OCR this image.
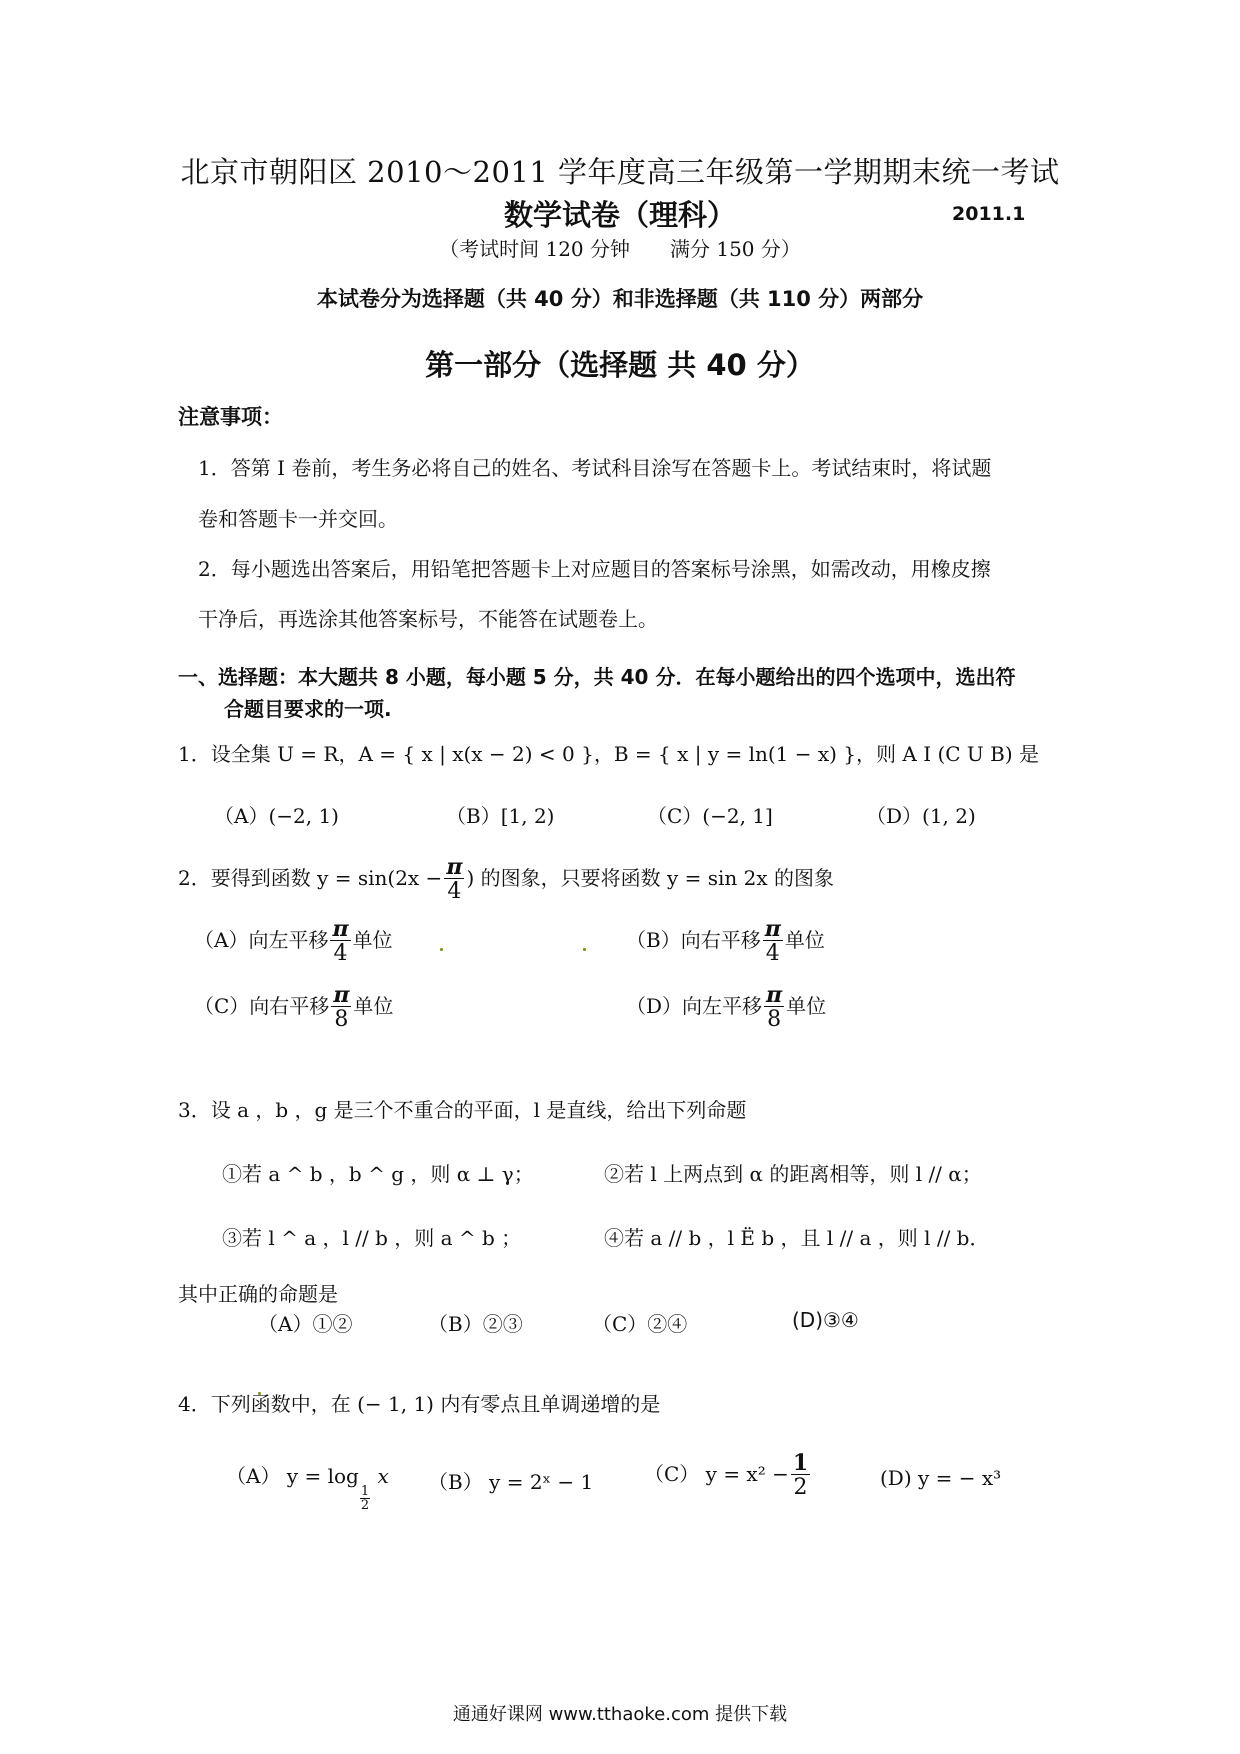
北京市朝阳区 2010～2011 学年度高三年级第一学期期末统一考试
数学试卷（理科）	2011.1
（考试时间 120 分钟　　满分 150 分）
本试卷分为选择题（共 40 分）和非选择题（共 110 分）两部分
第一部分（选择题 共 40 分）
注意事项：
1．答第 I 卷前，考生务必将自己的姓名、考试科目涂写在答题卡上。考试结束时，将试题
卷和答题卡一并交回。
2．每小题选出答案后，用铅笔把答题卡上对应题目的答案标号涂黑，如需改动，用橡皮擦
干净后，再选涂其他答案标号，不能答在试题卷上。
一、选择题：本大题共 8 小题，每小题 5 分，共 40 分．在每小题给出的四个选项中，选出符
合题目要求的一项.
1．设全集 U = R，A = { x | x(x − 2) < 0 }，B = { x | y = ln(1 − x) }，则 A I (C U B) 是
（A）(−2, 1)	（B）[1, 2)	（C）(−2, 1]	（D）(1, 2)
2．要得到函数 $y = \sin(2x - \frac{\pi}{4}$ ) 的图象，只要将函数 y = sin 2x 的图象
（A）向左平移 $\frac{\pi}{4}$ 单位	（B）向右平移 $\frac{\pi}{4}$ 单位
（C）向右平移 $\frac{\pi}{8}$ 单位	（D）向左平移 $\frac{\pi}{8}$ 单位
3．设 a ，b ，g 是三个不重合的平面，l 是直线，给出下列命题
①若 a ^ b ，b ^ g ，则 α ⊥ γ；	②若 l 上两点到 α 的距离相等，则 l // α；
③若 l ^ a ，l // b ，则 a ^ b ；	④若 a // b ，l Ë b ，且 l // a ，则 l // b．
其中正确的命题是
（A）①②	（B）②③	（C）②④	(D)③④
4．下列函数中，在 (− 1, 1) 内有零点且单调递增的是
（A） y = log
$\frac{1}{2}$
x （B） y = 2ˣ − 1	（C） $y = x^2 - \frac{1}{2}$	(D) y = − x³
通通好课网 www.tthaoke.com 提供下载
